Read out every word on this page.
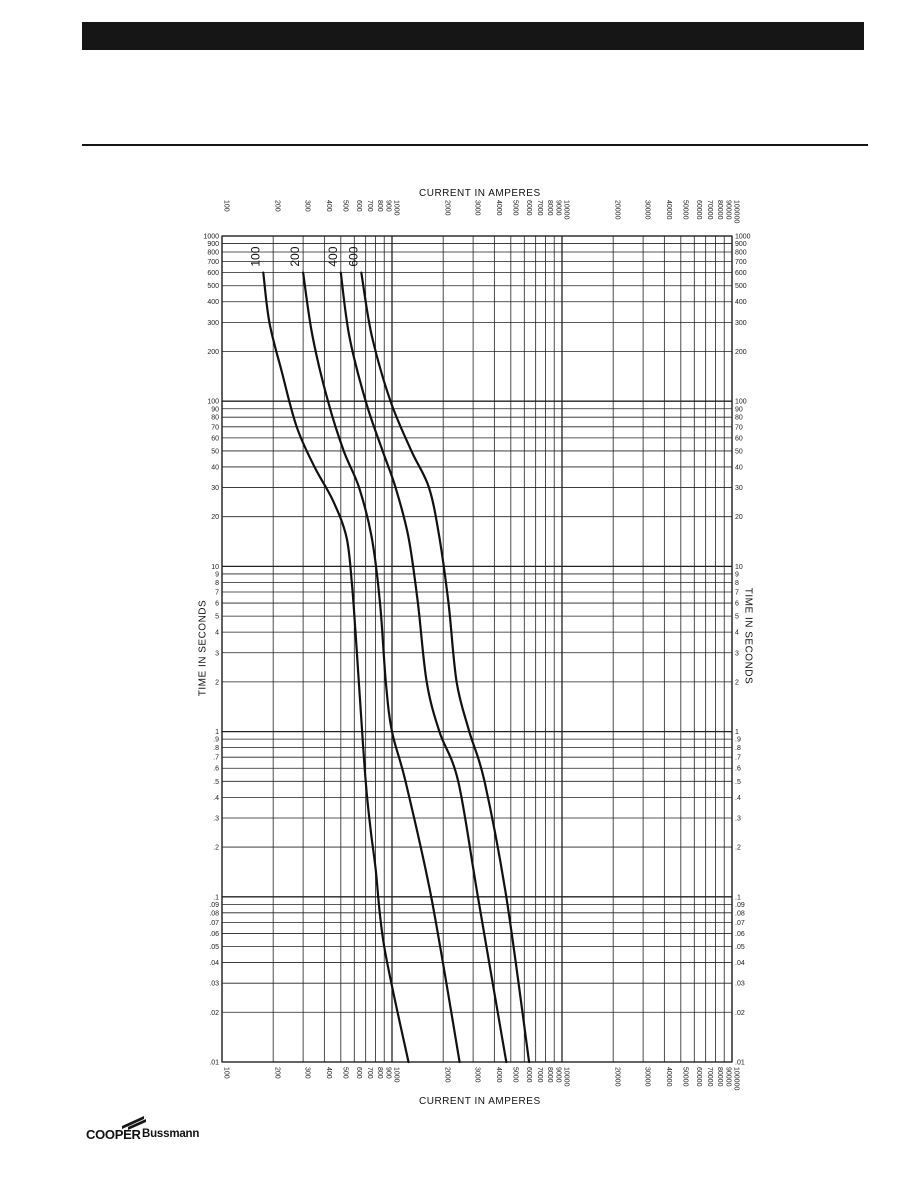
100
100
200
200
300
300
400
400
500
500
600
600
700
700
800
800
900
900
1000
1000
2000
2000
3000
3000
4000
4000
5000
5000
6000
6000
7000
7000
8000
8000
9000
9000
10000
10000
20000
20000
30000
30000
40000
40000
50000
50000
60000
60000
70000
70000
80000
80000
90000
90000
100000
100000
1000	1000
900	900
800	800
700	700
600	600
500	500
400	400
300	300
200	200
100	100
90	90
80	80
70	70
60	60
50	50
40	40
30	30
20	20
10	10
9	9
8	8
7	7
6	6
5	5
4	4
3	3
2	2
1	1
.9	.9
.8	.8
.7	.7
.6	.6
.5	.5
.4	.4
.3	.3
.2	.2
.1	.1
.09	.09
.08	.08
.07	.07
.06	.06
.05	.05
.04	.04
.03	.03
.02	.02
.01	.01
100 200 400 600
CURRENT IN AMPERES
CURRENT IN AMPERES
TIME IN SECONDS	TIME IN SECONDS
COOPER Bussmann
